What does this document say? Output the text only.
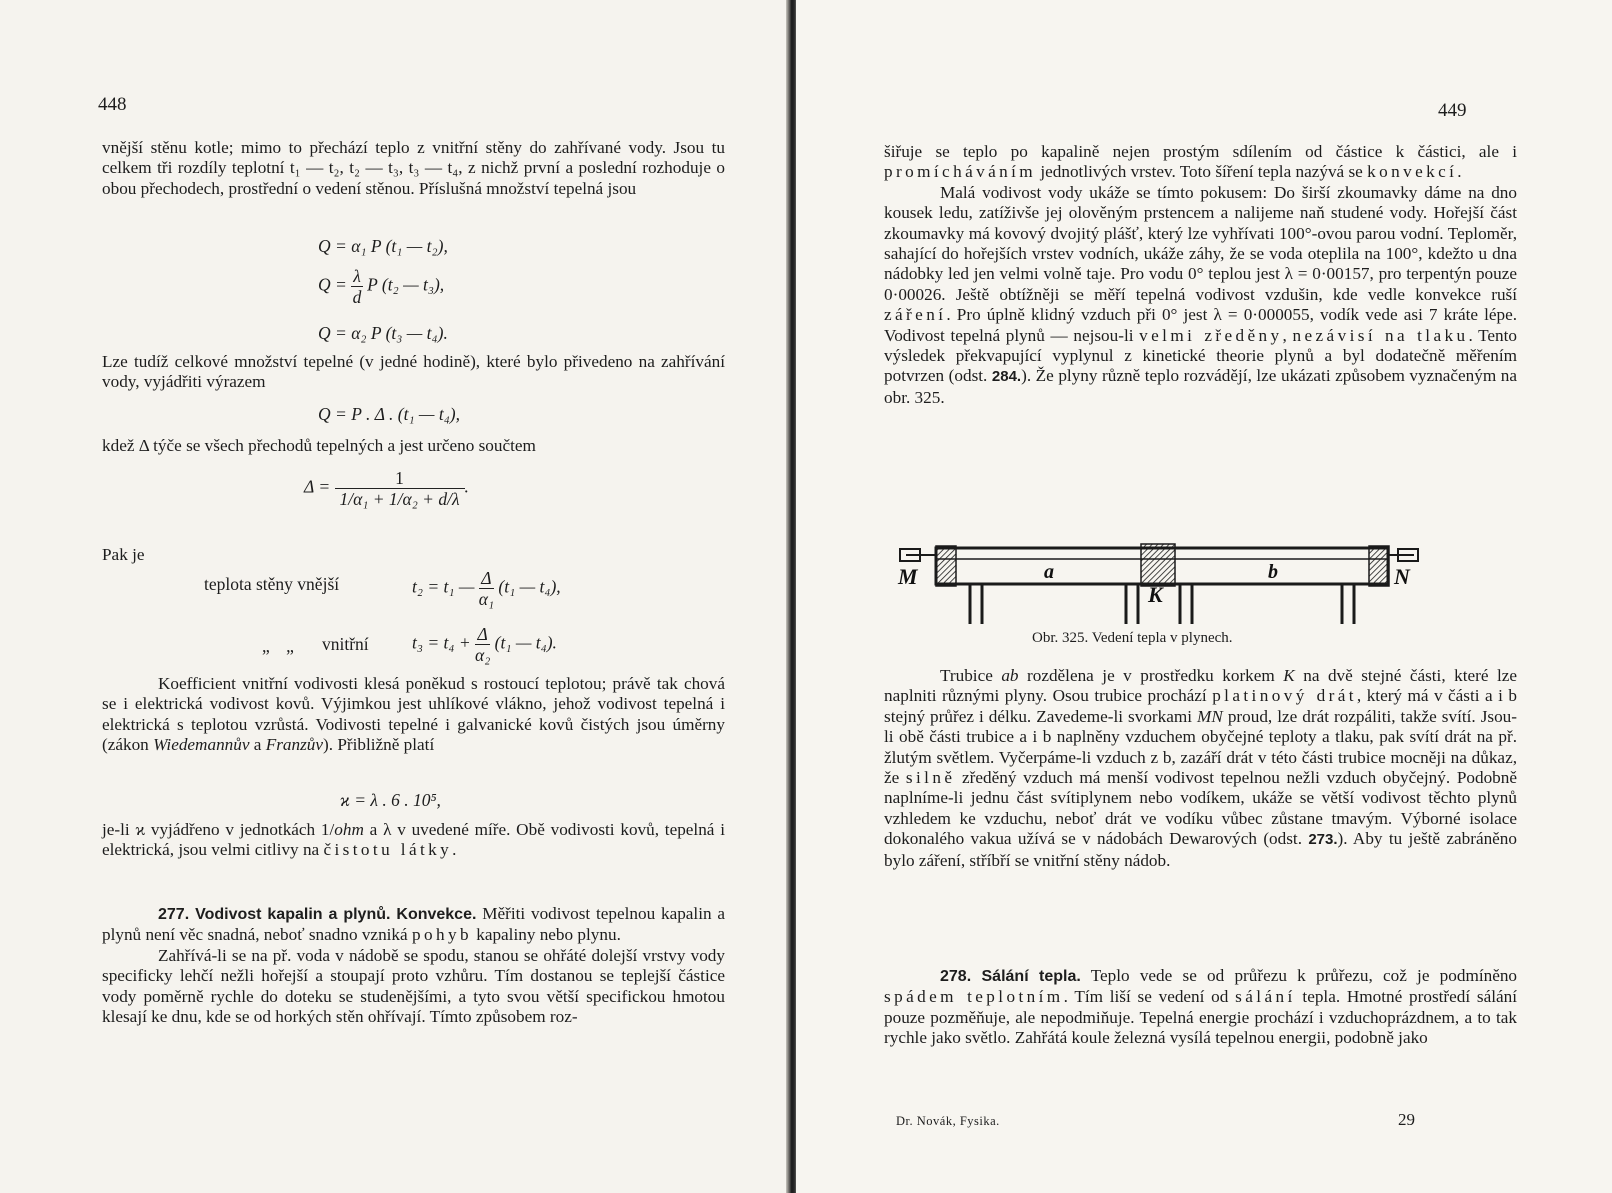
448

vnější stěnu kotle; mimo to přechází teplo z vnitřní stěny do zahřívané vody. Jsou tu celkem tři rozdíly teplotní t₁ — t₂, t₂ — t₃, t₃ — t₄, z nichž první a poslední rozhoduje o obou přechodech, prostřední o vedení stěnou. Příslušná množství tepelná jsou

Q = α₁ P (t₁ — t₂),
$Q = \frac{\lambda}{d}$ P (t₂ — t₃),
Q = α₂ P (t₃ — t₄).

Lze tudíž celkové množství tepelné (v jedné hodině), které bylo přivedeno na zahřívání vody, vyjádřiti výrazem

Q = P . Δ . (t₁ — t₄),

kdež Δ týče se všech přechodů tepelných a jest určeno součtem

$\Delta = \frac{1}{\text{1/α₁ + 1/α₂ + d/λ}}$ .

Pak je

teplota stěny vnější	t₂ = t₁ — $\frac{\Delta}{\text{α₁}} (t_1$ — t₄),
„ „ vnitřní $t_3 = t_4 + \frac{\Delta}{\text{α₂}} (t_1$ — t₄).

Koefficient vnitřní vodivosti klesá poněkud s rostoucí teplotou; právě tak chová se i elektrická vodivost kovů. Výjimkou jest uhlíkové vlákno, jehož vodivost tepelná i elektrická s teplotou vzrůstá. Vodivosti tepelné i galvanické kovů čistých jsou úměrny (zákon Wiedemannův a Franzův). Přibližně platí

ϰ = λ . 6 . 10⁵,

je-li ϰ vyjádřeno v jednotkách 1/ohm a λ v uvedené míře. Obě vodivosti kovů, tepelná i elektrická, jsou velmi citlivy na čistotu látky.

277. Vodivost kapalin a plynů. Konvekce. Měřiti vodivost tepelnou kapalin a plynů není věc snadná, neboť snadno vzniká pohyb kapaliny nebo plynu.

Zahřívá-li se na př. voda v nádobě se spodu, stanou se ohřáté dolejší vrstvy vody specificky lehčí nežli hořejší a stoupají proto vzhůru. Tím dostanou se teplejší částice vody poměrně rychle do doteku se studenějšími, a tyto svou větší specifickou hmotou klesají ke dnu, kde se od horkých stěn ohřívají. Tímto způsobem roz-

449

šiřuje se teplo po kapalině nejen prostým sdílením od částice k částici, ale i promícháváním jednotlivých vrstev. Toto šíření tepla nazývá se konvekcí.

Malá vodivost vody ukáže se tímto pokusem: Do širší zkoumavky dáme na dno kousek ledu, zatíživše jej olověným prstencem a nalijeme naň studené vody. Hořejší část zkoumavky má kovový dvojitý plášť, který lze vyhřívati 100°-ovou parou vodní. Teploměr, sahající do hořejších vrstev vodních, ukáže záhy, že se voda oteplila na 100°, kdežto u dna nádobky led jen velmi volně taje. Pro vodu 0° teplou jest λ = 0·00157, pro terpentýn pouze 0·00026. Ještě obtížněji se měří tepelná vodivost vzdušin, kde vedle konvekce ruší záření. Pro úplně klidný vzduch při 0° jest λ = 0·000055, vodík vede asi 7 kráte lépe. Vodivost tepelná plynů — nejsou-li velmi zředěny, nezávisí na tlaku. Tento výsledek překvapující vyplynul z kinetické theorie plynů a byl dodatečně měřením potvrzen (odst. 284.). Že plyny různě teplo rozvádějí, lze ukázati způsobem vyznačeným na obr. 325.

M	a
K
b	N
Obr. 325. Vedení tepla v plynech.

Trubice ab rozdělena je v prostředku korkem K na dvě stejné části, které lze naplniti různými plyny. Osou trubice prochází platinový drát, který má v části a i b stejný průřez i délku. Zavedeme-li svorkami MN proud, lze drát rozpáliti, takže svítí. Jsou-li obě části trubice a i b naplněny vzduchem obyčejné teploty a tlaku, pak svítí drát na př. žlutým světlem. Vyčerpáme-li vzduch z b, zazáří drát v této části trubice mocněji na důkaz, že silně zředěný vzduch má menší vodivost tepelnou nežli vzduch obyčejný. Podobně naplníme-li jednu část svítiplynem nebo vodíkem, ukáže se větší vodivost těchto plynů vzhledem ke vzduchu, neboť drát ve vodíku vůbec zůstane tmavým. Výborné isolace dokonalého vakua užívá se v nádobách Dewarových (odst. 273.). Aby tu ještě zabráněno bylo záření, stříbří se vnitřní stěny nádob.

278. Sálání tepla. Teplo vede se od průřezu k průřezu, což je podmíněno spádem teplotním. Tím liší se vedení od sálání tepla. Hmotné prostředí sálání pouze pozměňuje, ale nepodmiňuje. Tepelná energie prochází i vzduchoprázdnem, a to tak rychle jako světlo. Zahřátá koule železná vysílá tepelnou energii, podobně jako

Dr. Novák, Fysika.	29
